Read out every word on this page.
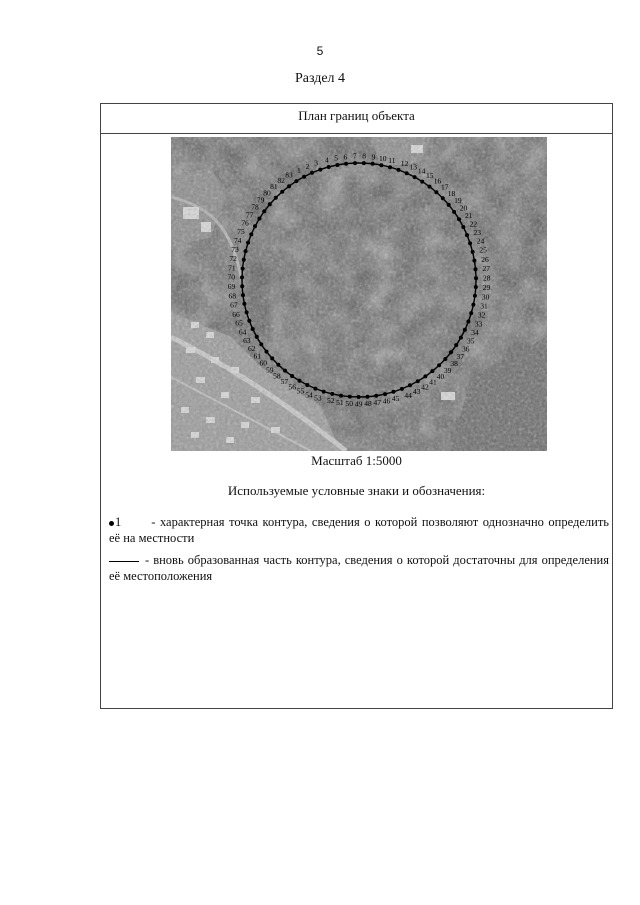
5
Раздел 4
План границ объекта
1 2 3 4 5 6 7 8 9 10 11 12 13 14
15
16
17
18
19
20
21
22
23
24
25
26
27
28
29
30
31
32
33
34
35
36
37
38
39
40
41
42
43
44
45
46
47
48
49
50
51
52
53
54
55
56
57
58
59
60
61
62
63
64
65
66
67
68
69
70
71
72
73
74
75
76
77
78
79
80
81
82
83
Масштаб 1:5000
Используемые условные знаки и обозначения:
1 - характерная точка контура, сведения о которой позволяют однозначно определить её на местности
- вновь образованная часть контура, сведения о которой достаточны для определения её местоположения
